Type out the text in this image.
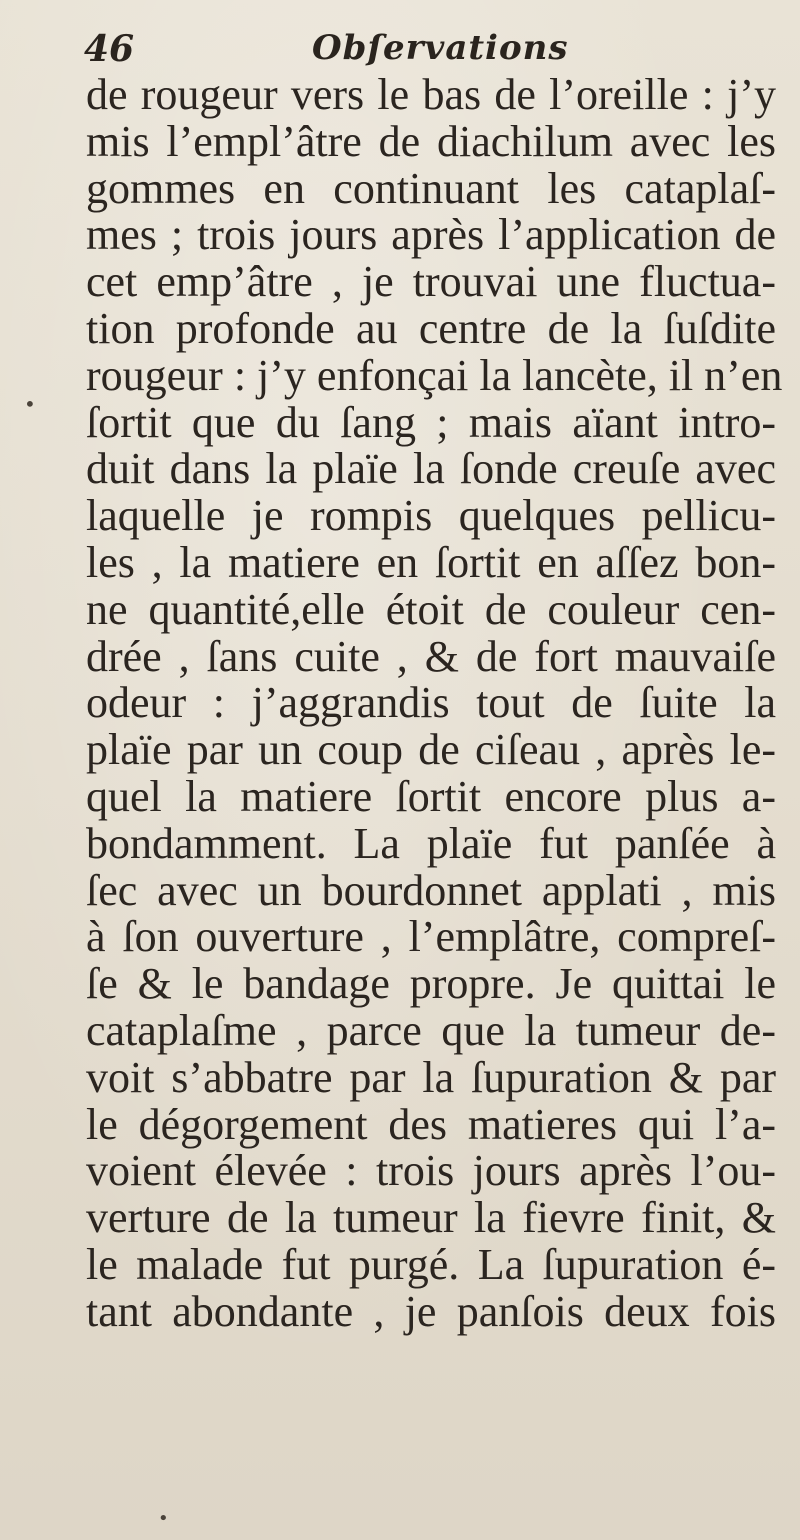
46	Obſervations
•
de rougeur vers le bas de l’oreille : j’y
mis l’empl’âtre de diachilum avec les
gommes en continuant les cataplaſ-
mes ; trois jours après l’application de
cet emp’âtre , je trouvai une fluctua-
tion profonde au centre de la ſuſdite
rougeur : j’y enfonçai la lancète, il n’en
ſortit que du ſang ; mais aïant intro-
duit dans la plaïe la ſonde creuſe avec
laquelle je rompis quelques pellicu-
les , la matiere en ſortit en aſſez bon-
ne quantité,elle étoit de couleur cen-
drée , ſans cuite , & de fort mauvaiſe
odeur : j’aggrandis tout de ſuite la
plaïe par un coup de ciſeau , après le-
quel la matiere ſortit encore plus a-
bondamment. La plaïe fut panſée à
ſec avec un bourdonnet applati , mis
à ſon ouverture , l’emplâtre, compreſ-
ſe & le bandage propre. Je quittai le
cataplaſme , parce que la tumeur de-
voit s’abbatre par la ſupuration & par
le dégorgement des matieres qui l’a-
voient élevée : trois jours après l’ou-
verture de la tumeur la fievre finit, &
le malade fut purgé. La ſupuration é-
tant abondante , je panſois deux fois
•
